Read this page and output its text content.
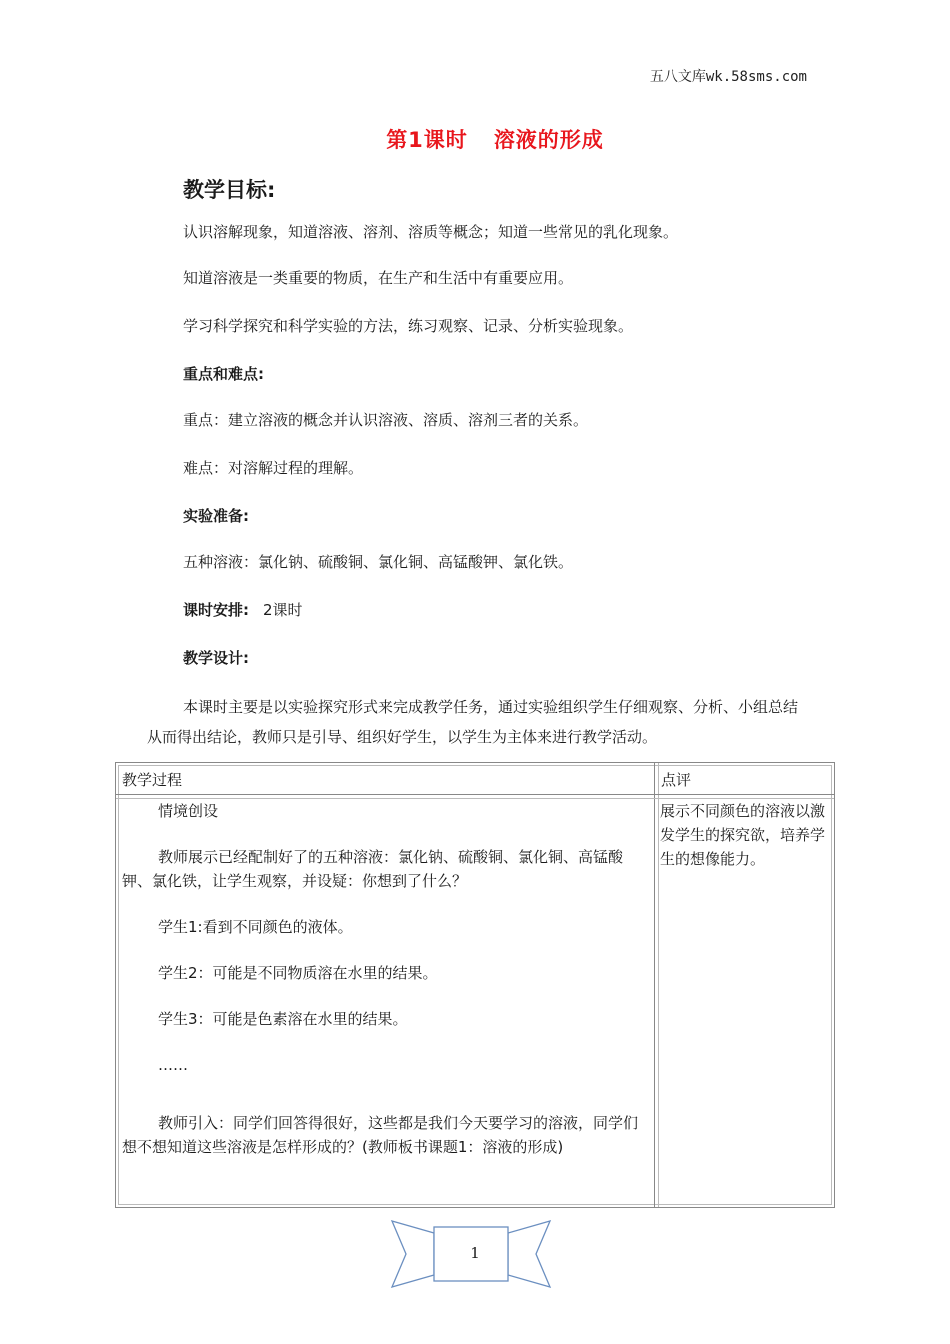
五八文库wk.58sms.com
第1课时 溶液的形成
教学目标:
认识溶解现象，知道溶液、溶剂、溶质等概念；知道一些常见的乳化现象。
知道溶液是一类重要的物质，在生产和生活中有重要应用。
学习科学探究和科学实验的方法，练习观察、记录、分析实验现象。
重点和难点:
重点：建立溶液的概念并认识溶液、溶质、溶剂三者的关系。
难点：对溶解过程的理解。
实验准备:
五种溶液：氯化钠、硫酸铜、氯化铜、高锰酸钾、氯化铁。
课时安排: 2课时
教学设计:
本课时主要是以实验探究形式来完成教学任务，通过实验组织学生仔细观察、分析、小组总结从而得出结论，教师只是引导、组织好学生，以学生为主体来进行教学活动。
教学过程	点评

情境创设

教师展示已经配制好了的五种溶液：氯化钠、硫酸铜、氯化铜、高锰酸钾、氯化铁，让学生观察，并设疑：你想到了什么？

学生1:看到不同颜色的液体。

学生2：可能是不同物质溶在水里的结果。

学生3：可能是色素溶在水里的结果。

……

教师引入：同学们回答得很好，这些都是我们今天要学习的溶液，同学们想不想知道这些溶液是怎样形成的？(教师板书课题1：溶液的形成)

展示不同颜色的溶液以激发学生的探究欲，培养学生的想像能力。
1
